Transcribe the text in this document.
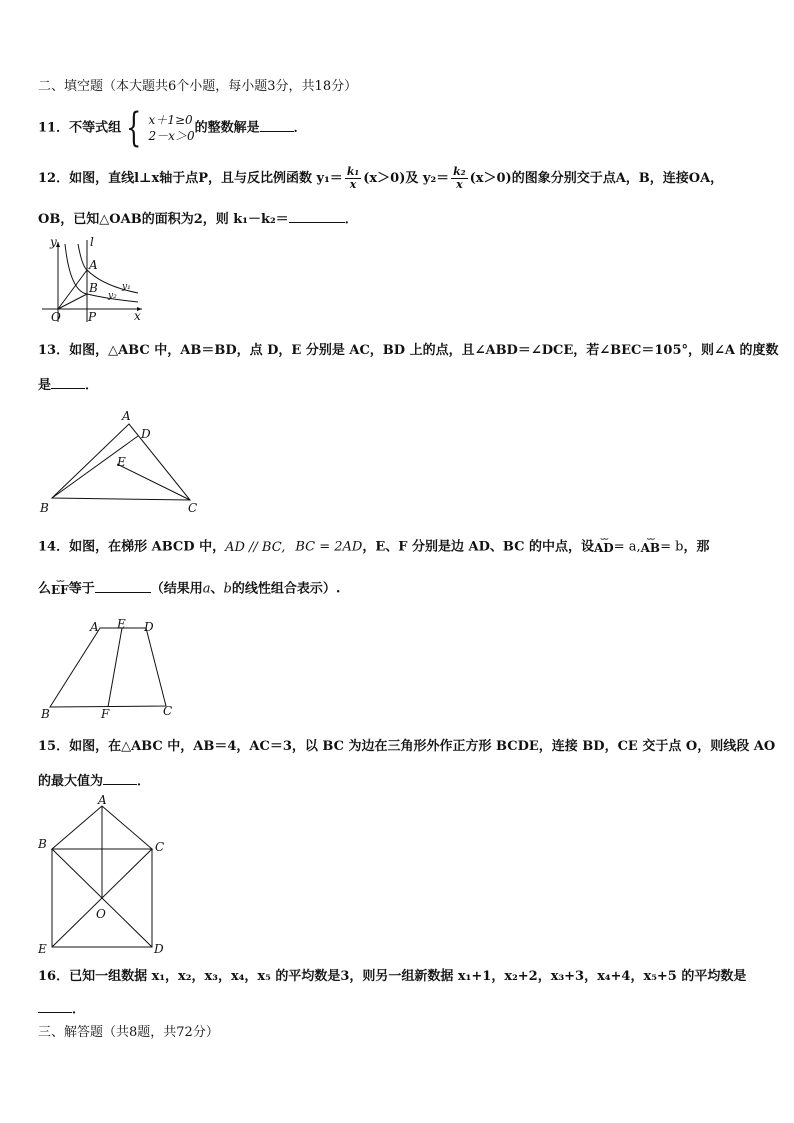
二、填空题（本大题共6个小题，每小题3分，共18分）
11．不等式组 { x＋1≥0
2－x＞0
的整数解是	．
12．如图，直线l⊥x轴于点P，且与反比例函数 $y_1= \frac{\text{k₁}}{x} (x>0)$及 $y_2= \frac{\text{k₂}}{x} (x>0)$的图象分别交于点A，B，连接OA，
OB，已知△OAB的面积为2，则 k₁－k₂＝	．
y	l
A
B
O P	x
y₁
y₂
13．如图，△ABC 中，AB＝BD，点 D，E 分别是 AC，BD 上的点，且∠ABD＝∠DCE，若∠BEC＝105°，则∠A 的度数
是	．
A
D
E
B	C
14．如图，在梯形 ABCD 中，AD // BC, BC = 2AD，E、F 分别是边 AD、BC 的中点，设
⌣⌣
AD = a,
⌣⌣
AB = b，那
么
⌣⌣
EF 等于	（结果用a、b的线性组合表示）.
A E D
B	F	C
15．如图，在△ABC 中，AB＝4，AC＝3，以 BC 为边在三角形外作正方形 BCDE，连接 BD，CE 交于点 O，则线段 AO
的最大值为	．
A
B	C
O
E	D
16．已知一组数据 x₁，x₂，x₃，x₄，x₅ 的平均数是3，则另一组新数据 x₁+1，x₂+2，x₃+3，x₄+4，x₅+5 的平均数是
．
三、解答题（共8题，共72分）
